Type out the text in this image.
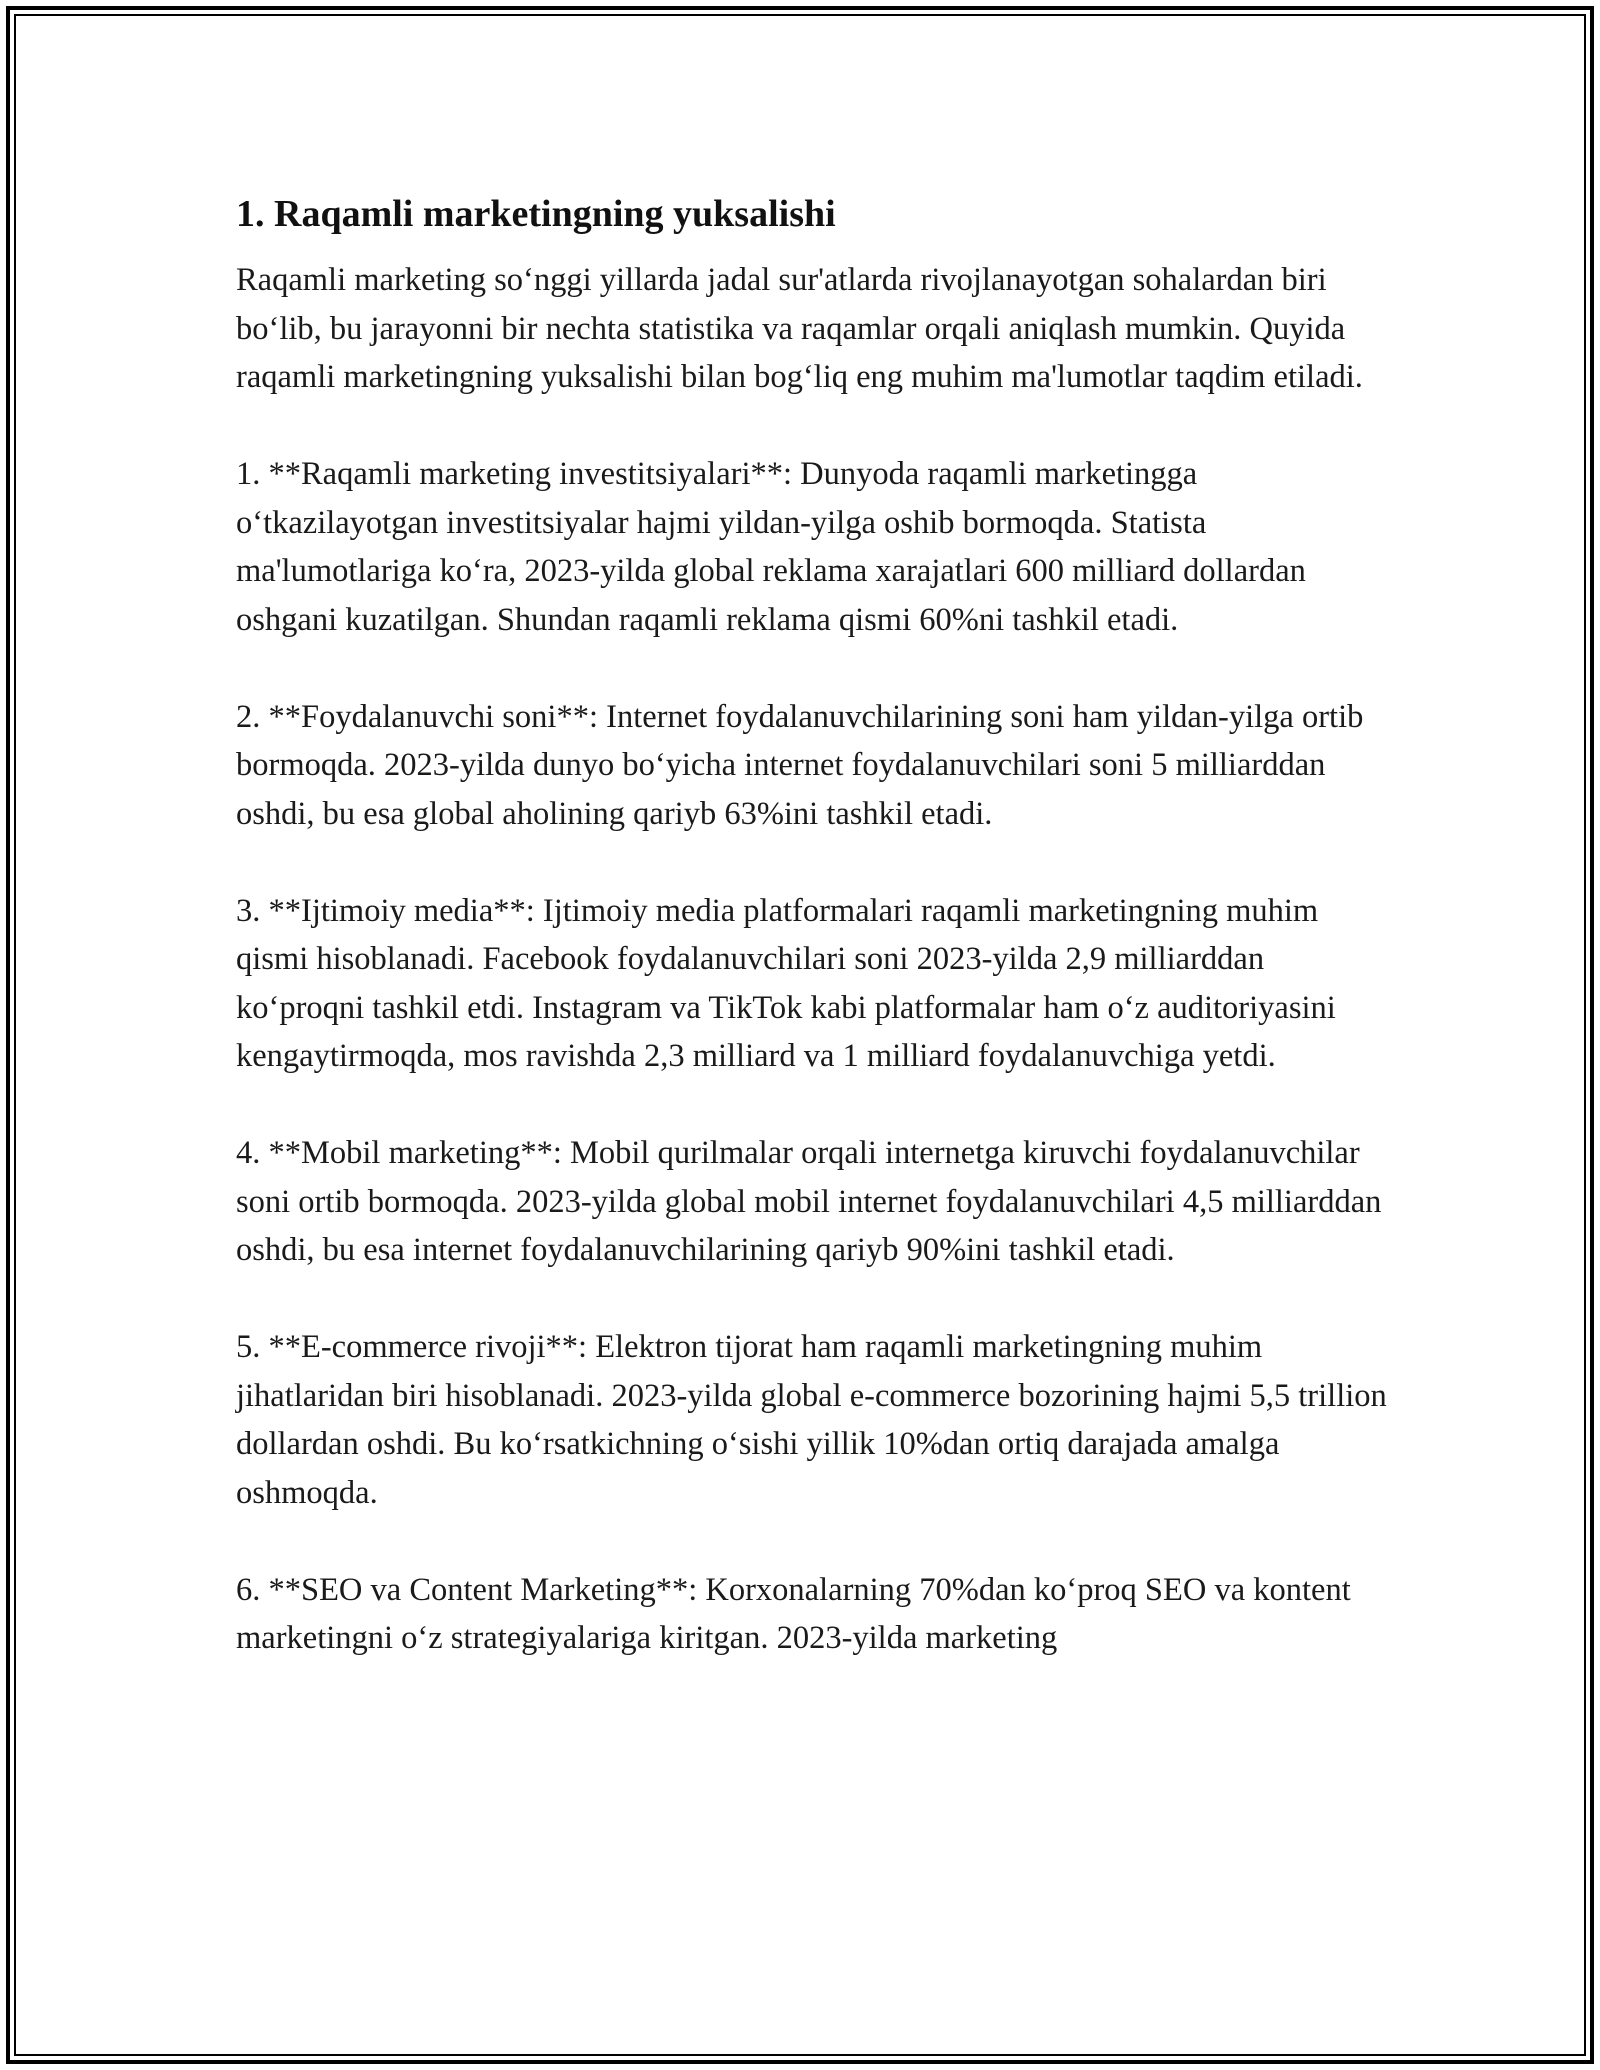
1. Raqamli marketingning yuksalishi

Raqamli marketing so‘nggi yillarda jadal sur'atlarda rivojlanayotgan sohalardan biri bo‘lib, bu jarayonni bir nechta statistika va raqamlar orqali aniqlash mumkin. Quyida raqamli marketingning yuksalishi bilan bog‘liq eng muhim ma'lumotlar taqdim etiladi.

1. **Raqamli marketing investitsiyalari**: Dunyoda raqamli marketingga o‘tkazilayotgan investitsiyalar hajmi yildan-yilga oshib bormoqda. Statista ma'lumotlariga ko‘ra, 2023-yilda global reklama xarajatlari 600 milliard dollardan oshgani kuzatilgan. Shundan raqamli reklama qismi 60%ni tashkil etadi.

2. **Foydalanuvchi soni**: Internet foydalanuvchilarining soni ham yildan-yilga ortib bormoqda. 2023-yilda dunyo bo‘yicha internet foydalanuvchilari soni 5 milliarddan oshdi, bu esa global aholining qariyb 63%ini tashkil etadi.

3. **Ijtimoiy media**: Ijtimoiy media platformalari raqamli marketingning muhim qismi hisoblanadi. Facebook foydalanuvchilari soni 2023-yilda 2,9 milliarddan ko‘proqni tashkil etdi. Instagram va TikTok kabi platformalar ham o‘z auditoriyasini kengaytirmoqda, mos ravishda 2,3 milliard va 1 milliard foydalanuvchiga yetdi.

4. **Mobil marketing**: Mobil qurilmalar orqali internetga kiruvchi foydalanuvchilar soni ortib bormoqda. 2023-yilda global mobil internet foydalanuvchilari 4,5 milliarddan oshdi, bu esa internet foydalanuvchilarining qariyb 90%ini tashkil etadi.

5. **E-commerce rivoji**: Elektron tijorat ham raqamli marketingning muhim jihatlaridan biri hisoblanadi. 2023-yilda global e-commerce bozorining hajmi 5,5 trillion dollardan oshdi. Bu ko‘rsatkichning o‘sishi yillik 10%dan ortiq darajada amalga oshmoqda.

6. **SEO va Content Marketing**: Korxonalarning 70%dan ko‘proq SEO va kontent marketingni o‘z strategiyalariga kiritgan. 2023-yilda marketing
